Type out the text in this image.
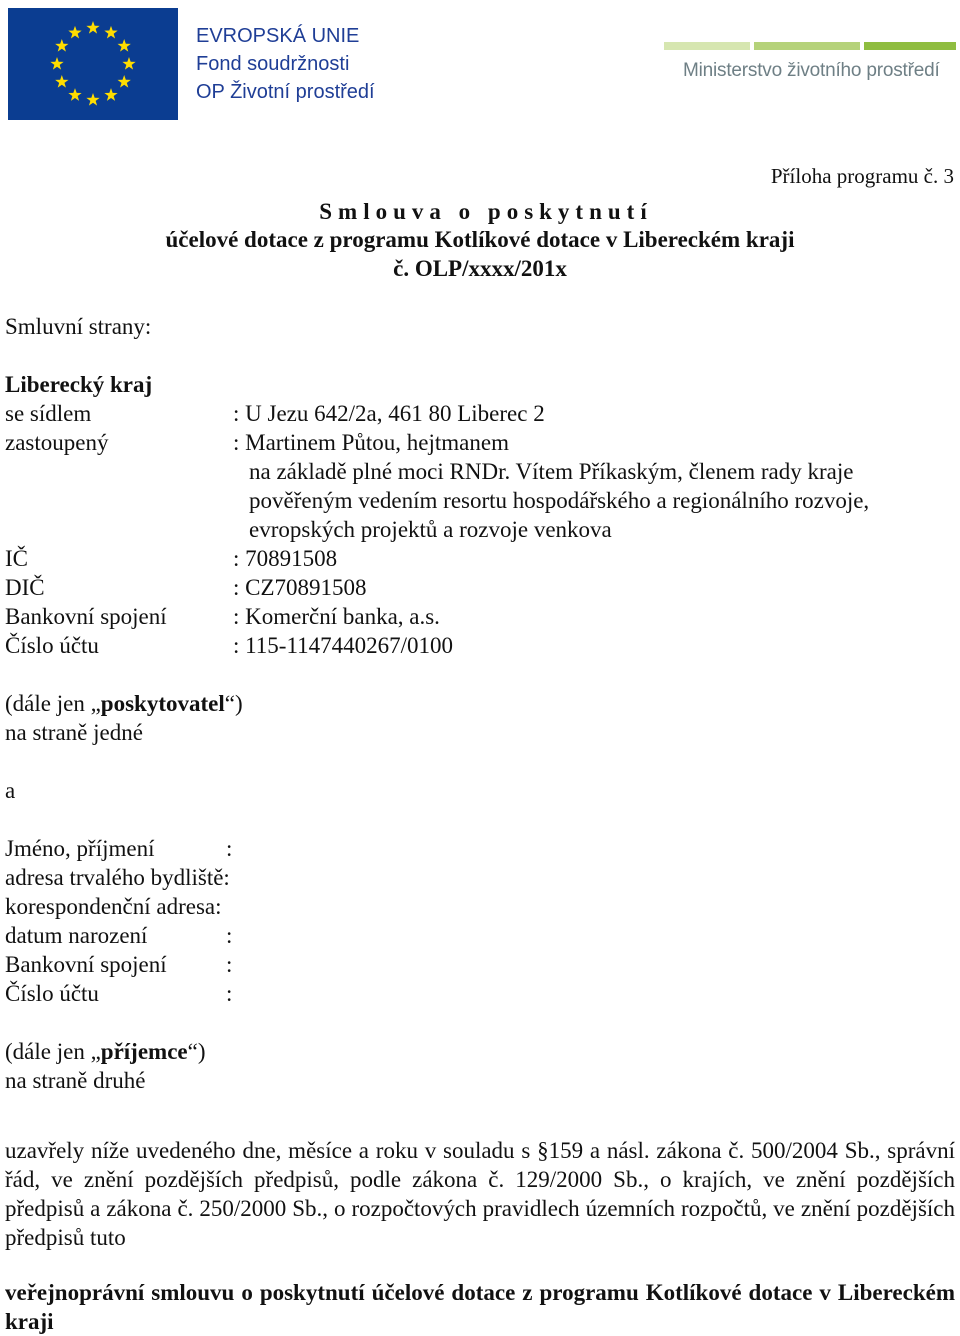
EVROPSKÁ UNIE
Fond soudržnosti
OP Životní prostředí
Ministerstvo životního prostředí
Příloha programu č. 3
Smlouva o poskytnutí
účelové dotace z programu Kotlíkové dotace v Libereckém kraji
č. OLP/xxxx/201x
Smluvní strany:
Liberecký kraj
se sídlem	: U Jezu 642/2a, 461 80 Liberec 2
zastoupený	: Martinem Půtou, hejtmanem
na základě plné moci RNDr. Vítem Příkaským, členem rady kraje
pověřeným vedením resortu hospodářského a regionálního rozvoje,
evropských projektů a rozvoje venkova
IČ	: 70891508
DIČ	: CZ70891508
Bankovní spojení	: Komerční banka, a.s.
Číslo účtu	: 115-1147440267/0100
(dále jen „poskytovatel“)
na straně jedné
a
Jméno, příjmení	:
adresa trvalého bydliště:
korespondenční adresa:
datum narození	:
Bankovní spojení	:
Číslo účtu	:
(dále jen „příjemce“)
na straně druhé
uzavřely níže uvedeného dne, měsíce a roku v souladu s §159 a násl. zákona č. 500/2004 Sb., správní řád, ve znění pozdějších předpisů, podle zákona č. 129/2000 Sb., o krajích, ve znění pozdějších předpisů a zákona č. 250/2000 Sb., o rozpočtových pravidlech územních rozpočtů, ve znění pozdějších předpisů tuto
veřejnoprávní smlouvu o poskytnutí účelové dotace z programu Kotlíkové dotace v Libereckém kraji
